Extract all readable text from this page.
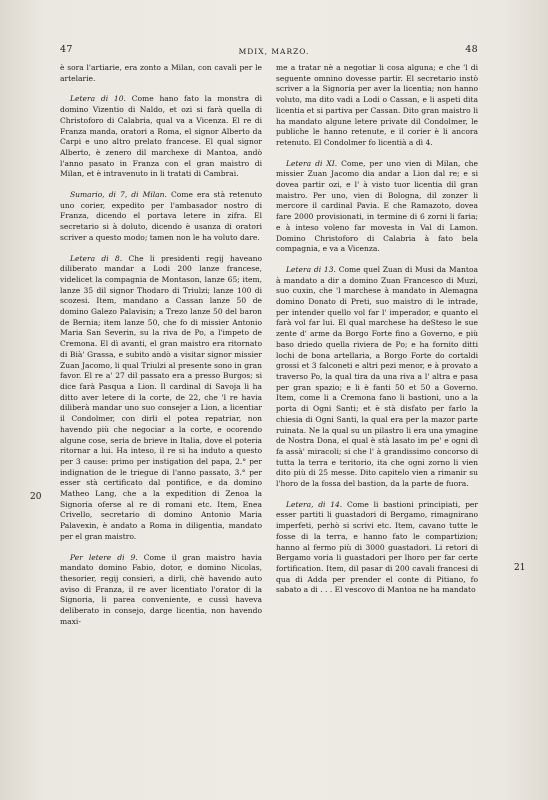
47	MDIX, MARZO.	48
20
21

è sora l'artiarie, era zonto a Milan, con cavali per le artelarie.

Letera di 10. Come hano fato la monstra di domino Vizentio di Naldo, et ozi si farà quella di Christoforo di Calabria, qual va a Vicenza. El re di Franza manda, oratori a Roma, el signor Alberto da Carpi e uno altro prelato francese. El qual signor Alberto, è zenero dil marchexe di Mantoa, andò l'anno pasato in Franza con el gran maistro di Milan, et è intravenuto in li tratati di Cambrai.

Sumario, di 7, di Milan. Come era stà retenuto uno corier, expedito per l'ambasador nostro di Franza, dicendo el portava letere in zifra. El secretario si à doluto, dicendo è usanza di oratori scriver a questo modo; tamen non le ha voluto dare.

Letera di 8. Che li presidenti regij haveano diliberato mandar a Lodi 200 lanze francese, videlicet la compagnia de Montason, lanze 65; item, lanze 35 dil signor Thodaro di Triulzi; lanze 100 di scozesi. Item, mandano a Cassan lanze 50 de domino Galezo Palavisin; a Trezo lanze 50 del baron de Bernia; item lanze 50, che fo di missier Antonio Maria San Severin, su la riva de Po, a l'impeto de Cremona. El dì avanti, el gran maistro era ritornato di Bià' Grassa, e subito andò a visitar signor missier Zuan Jacomo, li qual Triulzi al presente sono in gran favor. El re a' 27 dil passato era a presso Burgos; si dice farà Pasqua a Lion. Il cardinal di Savoja li ha ditto aver letere di la corte, de 22, che 'l re havia diliberà mandar uno suo consejer a Lion, a licentiar il Condolmer, con dirli el potea repatriar, non havendo più che negociar a la corte, e ocorendo algune cose, seria de brieve in Italia, dove el poteria ritornar a lui. Ha inteso, il re si ha induto a questo per 3 cause: primo per instigation del papa, 2.° per indignation de le triegue di l'anno passato, 3.° per esser stà certificato dal pontifice, e da domino Matheo Lang, che a la expedition di Zenoa la Signoria oferse al re di romani etc. Item, Enea Crivello, secretario di domino Antonio Maria Palavexin, è andato a Roma in diligentia, mandato per el gran maistro.

Per letere di 9. Come il gran maistro havia mandato domino Fabio, dotor, e domino Nicolas, thesorier, regij consieri, a dirli, chè havendo auto aviso di Franza, il re aver licentiato l'orator di la Signoria, li parea conveniente, e cussì haveva deliberato in consejo, darge licentia, non havendo maxi-

me a tratar nè a negotiar li cosa alguna; e che 'l di seguente omnino dovesse partir. El secretario instò scriver a la Signoria per aver la licentia; non hanno voluto, ma dito vadi a Lodi o Cassan, e li aspeti dita licentia et si partiva per Cassan. Dito gran maistro li ha mandato algune letere private dil Condolmer, le publiche le hanno retenute, e il corier è li ancora retenuto. El Condolmer fo licentià a dì 4.

Letera di XI. Come, per uno vien di Milan, che missier Zuan Jacomo dia andar a Lion dal re; e si dovea partir ozi, e l' à visto tuor licentia dil gran maistro. Per uno, vien di Bologna, dil zonzer li mercore il cardinal Pavia. E che Ramazoto, dovea fare 2000 provisionati, in termine di 6 zorni li faria; e à inteso voleno far movesta in Val di Lamon. Domino Christoforo di Calabria à fato bela compagnia, e va a Vicenza.

Letera di 13. Come quel Zuan di Musi da Mantoa à mandato a dir a domino Zuan Francesco di Muzi, suo cuxin, che 'l marchese à mandato in Alemagna domino Donato di Preti, suo maistro di le intrade, per intender quello vol far l' imperador, e quanto el farà vol far lui. El qual marchese ha deSteso le sue zente d' arme da Borgo Forte fino a Governo, e più baso driedo quella riviera de Po; e ha fornito ditti lochi de bona artellaria, a Borgo Forte do cortaldi grossi et 3 falconeti e altri pezi menor, e à provato a traverso Po, la qual tira da una riva a l' altra e pasa per gran spazio; e li è fanti 50 et 50 a Governo. Item, come li a Cremona fano li bastioni, uno a la porta di Ogni Santi; et è stà disfato per farlo la chiesia di Ogni Santi, la qual era per la mazor parte ruinata. Ne la qual su un pilastro li era una ymagine de Nostra Dona, el qual è stà lasato im pe' e ogni dì fa assà' miracoli; si che l' à grandissimo concorso di tutta la terra e teritorio, ita che ogni zorno li vien dito più di 25 messe. Dito capitelo vien a rimanir su l'horo de la fossa del bastion, da la parte de fuora.

Letera, di 14. Come li bastioni principiati, per esser partiti li guastadori di Bergamo, rimagnirano imperfeti, perhò si scrivi etc. Item, cavano tutte le fosse di la terra, e hanno fato le compartizion; hanno al fermo più di 3000 guastadori. Li retori di Bergamo voria li guastadori per lhoro per far certe fortification. Item, dil pasar di 200 cavali francesi di qua di Adda per prender el conte di Pitiano, fo sabato a di . . . El vescovo di Mantoa ne ha mandato
